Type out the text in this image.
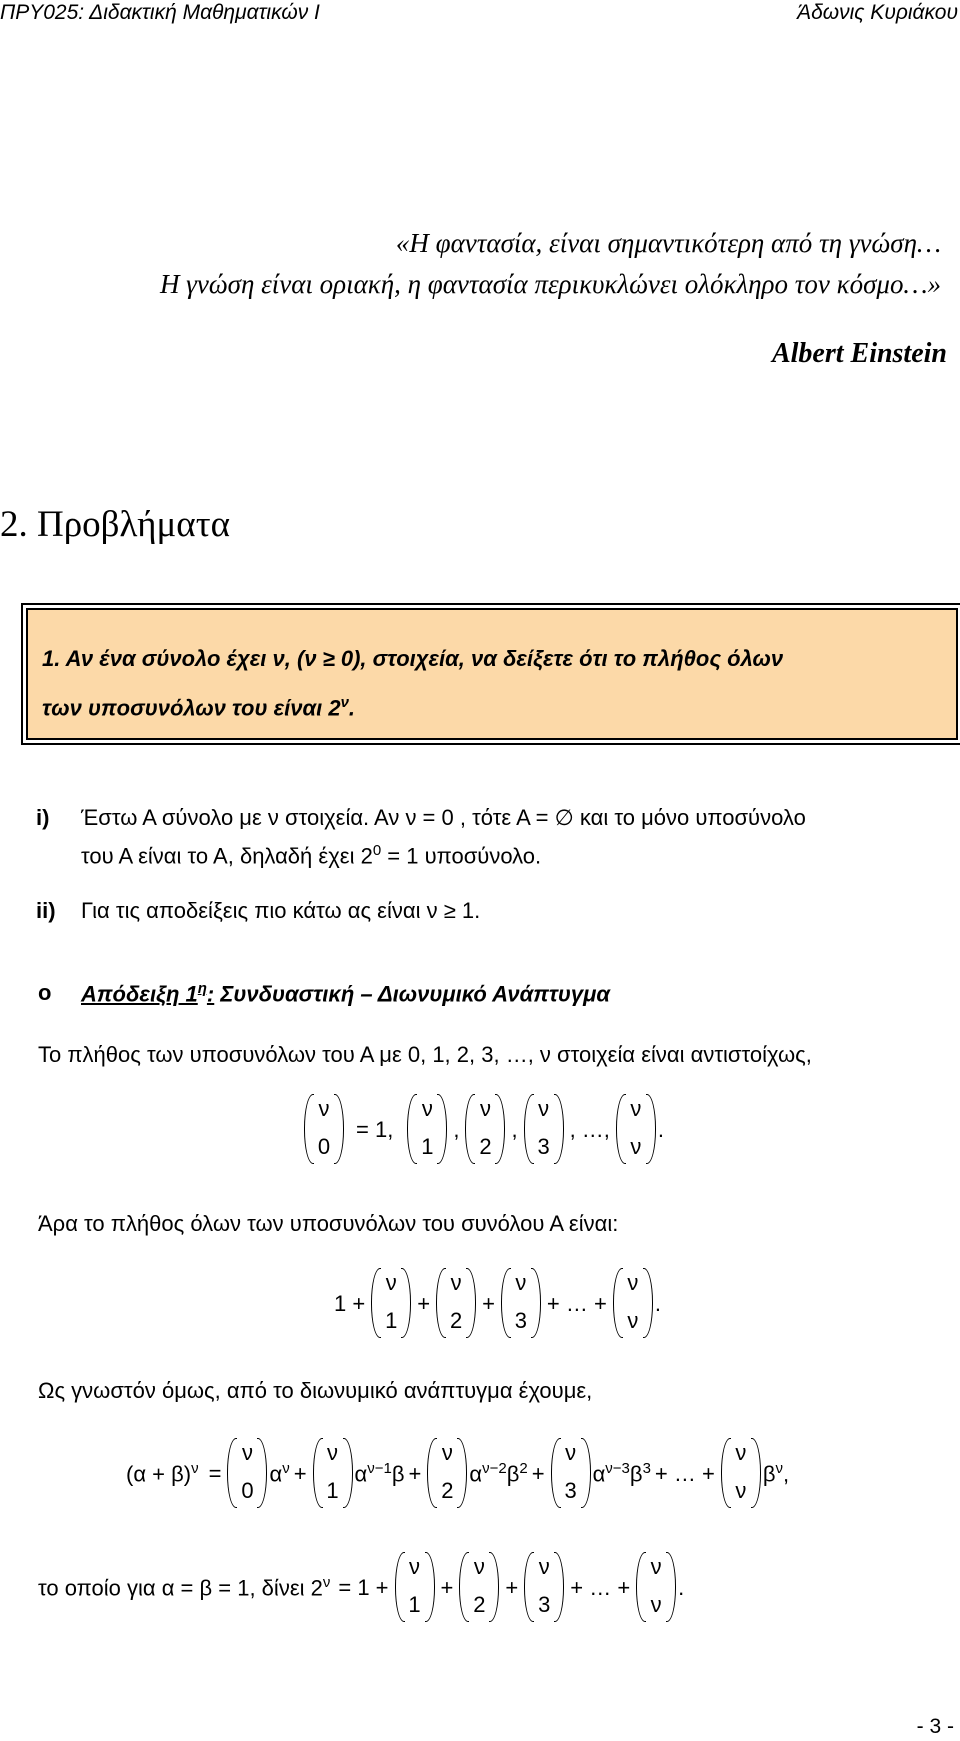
ΠΡΥ025: Διδακτική Μαθηματικών Ι	Άδωνις Κυριάκου
«Η φαντασία, είναι σημαντικότερη από τη γνώση…
Η γνώση είναι οριακή, η φαντασία περικυκλώνει ολόκληρο τον κόσμο…»
Albert Einstein
2. Προβλήματα
1. Αν ένα σύνολο έχει ν, (ν ≥ 0), στοιχεία, να δείξετε ότι το πλήθος όλων
των υποσυνόλων του είναι $2^\nu$.
i) Έστω Α σύνολο με ν στοιχεία. Αν ν = 0 , τότε Α = ∅ και το μόνο υποσύνολο
του Α είναι το Α, δηλαδή έχει $2^0 = 1$ υποσύνολο.
ii) Για τις αποδείξεις πιο κάτω ας είναι ν ≥ 1.
o Απόδειξη $1^\eta$: Συνδυαστική – Διωνυμικό Ανάπτυγμα
Το πλήθος των υποσυνόλων του Α με 0, 1, 2, 3, …, ν στοιχεία είναι αντιστοίχως,
ν
0
= 1,
ν
1
,
ν
2
,
ν
3
, …,
ν
ν
.
Άρα το πλήθος όλων των υποσυνόλων του συνόλου Α είναι:
1 +
ν
1
+
ν
2
+
ν
3
+ … +
ν
ν
.
Ως γνωστόν όμως, από το διωνυμικό ανάπτυγμα έχουμε,
$(\alpha + \beta)^\nu$ =
ν
0
$\alpha^\nu$ +
ν
1
$\alpha^{\nu-1}\beta$ +
ν
2
$\alpha^{\nu-2}\beta^2$ +
ν
3
$\alpha^{\nu-3}\beta^3$ + … +
ν
ν
$\beta^\nu$,
το οποίο για α = β = 1, δίνει $2^\nu = 1$ +
ν
1
+
ν
2
+
ν
3
+ … +
ν
ν
.
- 3 -
